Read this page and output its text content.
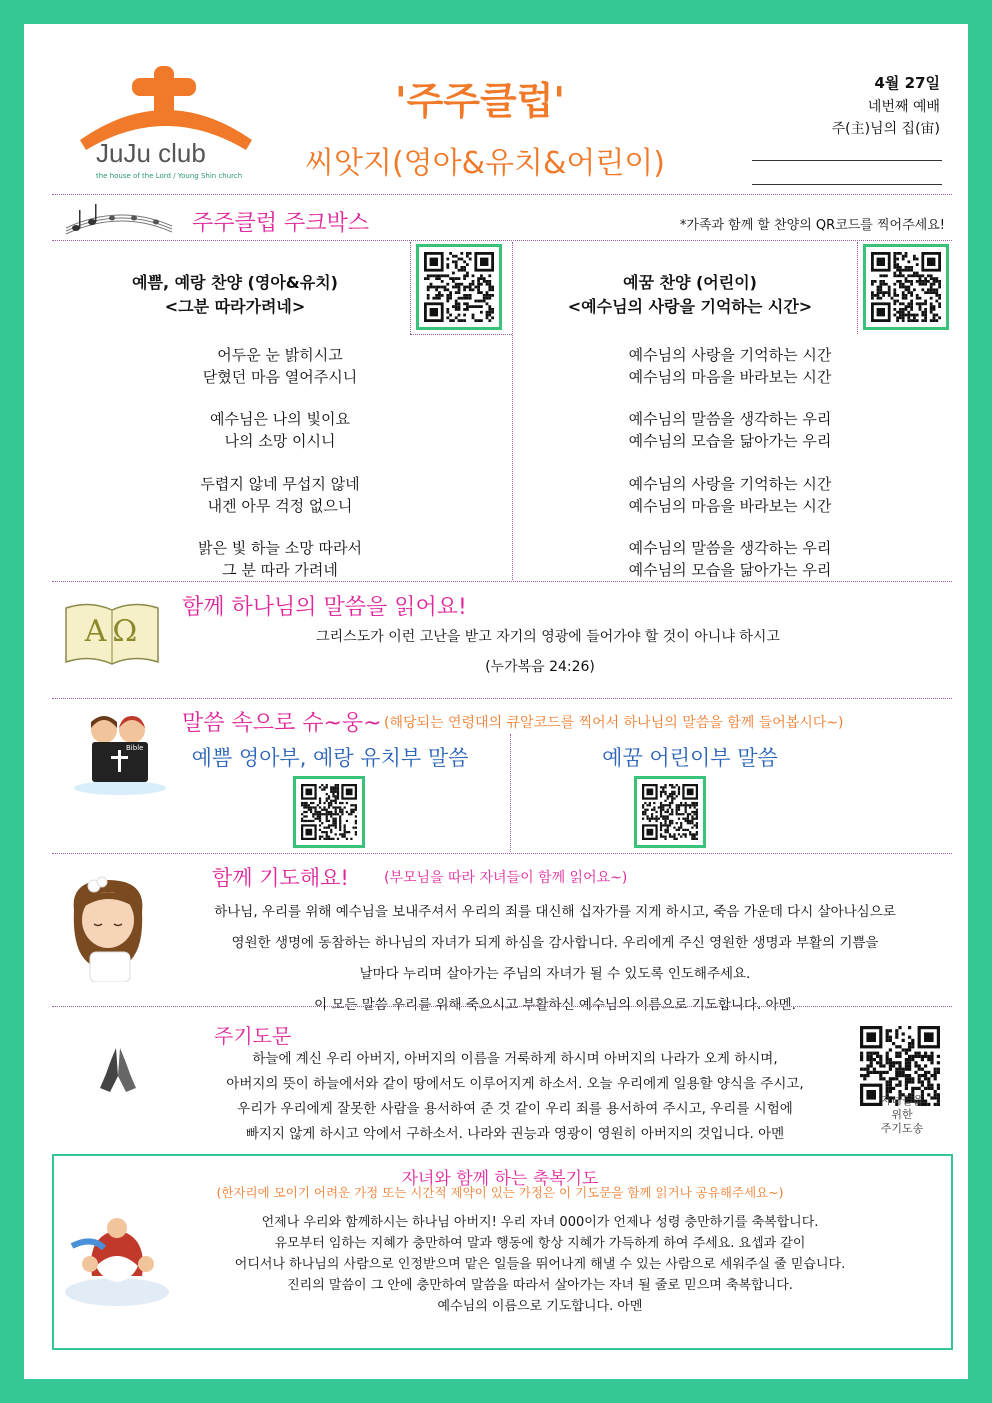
JuJu club
the house of the Lord / Young Shin church
'주주클럽'
씨앗지(영아&유치&어린이)
4월 27일
네번째 예배
주(主)님의 집(宙)
주주클럽 주크박스	*가족과 함께 할 찬양의 QR코드를 찍어주세요!
예쁨, 예랑 찬양 (영아&유치)
<그분 따라가려네>
예꿈 찬양 (어린이)
<예수님의 사랑을 기억하는 시간>
어두운 눈 밝히시고
닫혔던 마음 열어주시니
예수님은 나의 빛이요
나의 소망 이시니
두렵지 않네 무섭지 않네
내겐 아무 걱정 없으니
밝은 빛 하늘 소망 따라서
그 분 따라 가려네
예수님의 사랑을 기억하는 시간
예수님의 마음을 바라보는 시간
예수님의 말씀을 생각하는 우리
예수님의 모습을 닮아가는 우리
예수님의 사랑을 기억하는 시간
예수님의 마음을 바라보는 시간
예수님의 말씀을 생각하는 우리
예수님의 모습을 닮아가는 우리
AΩ
함께 하나님의 말씀을 읽어요!
그리스도가 이런 고난을 받고 자기의 영광에 들어가야 할 것이 아니냐 하시고
(누가복음 24:26)
Bible
말씀 속으로 슈~웅~ (해당되는 연령대의 큐알코드를 찍어서 하나님의 말씀을 함께 들어봅시다~)
예쁨 영아부, 예랑 유치부 말씀	예꿈 어린이부 말씀
함께 기도해요!	(부모님을 따라 자녀들이 함께 읽어요~)
하나님, 우리를 위해 예수님을 보내주셔서 우리의 죄를 대신해 십자가를 지게 하시고, 죽음 가운데 다시 살아나심으로
영원한 생명에 동참하는 하나님의 자녀가 되게 하심을 감사합니다. 우리에게 주신 영원한 생명과 부활의 기쁨을
날마다 누리며 살아가는 주님의 자녀가 될 수 있도록 인도해주세요.
이 모든 말씀 우리를 위해 죽으시고 부활하신 예수님의 이름으로 기도합니다. 아멘.
주기도문
하늘에 계신 우리 아버지, 아버지의 이름을 거룩하게 하시며 아버지의 나라가 오게 하시며,
아버지의 뜻이 하늘에서와 같이 땅에서도 이루어지게 하소서. 오늘 우리에게 일용할 양식을 주시고,
우리가 우리에게 잘못한 사람을 용서하여 준 것 같이 우리 죄를 용서하여 주시고, 우리를 시험에
빠지지 않게 하시고 악에서 구하소서. 나라와 권능과 영광이 영원히 아버지의 것입니다. 아멘
자녀들을
위한
주기도송
자녀와 함께 하는 축복기도
(한자리에 모이기 어려운 가정 또는 시간적 제약이 있는 가정은 이 기도문을 함께 읽거나 공유해주세요~)
언제나 우리와 함께하시는 하나님 아버지! 우리 자녀 000이가 언제나 성령 충만하기를 축복합니다.
유모부터 임하는 지혜가 충만하여 말과 행동에 항상 지혜가 가득하게 하여 주세요. 요셉과 같이
어디서나 하나님의 사람으로 인정받으며 맡은 일들을 뛰어나게 해낼 수 있는 사람으로 세워주실 줄 믿습니다.
진리의 말씀이 그 안에 충만하여 말씀을 따라서 살아가는 자녀 될 줄로 믿으며 축복합니다.
예수님의 이름으로 기도합니다. 아멘
